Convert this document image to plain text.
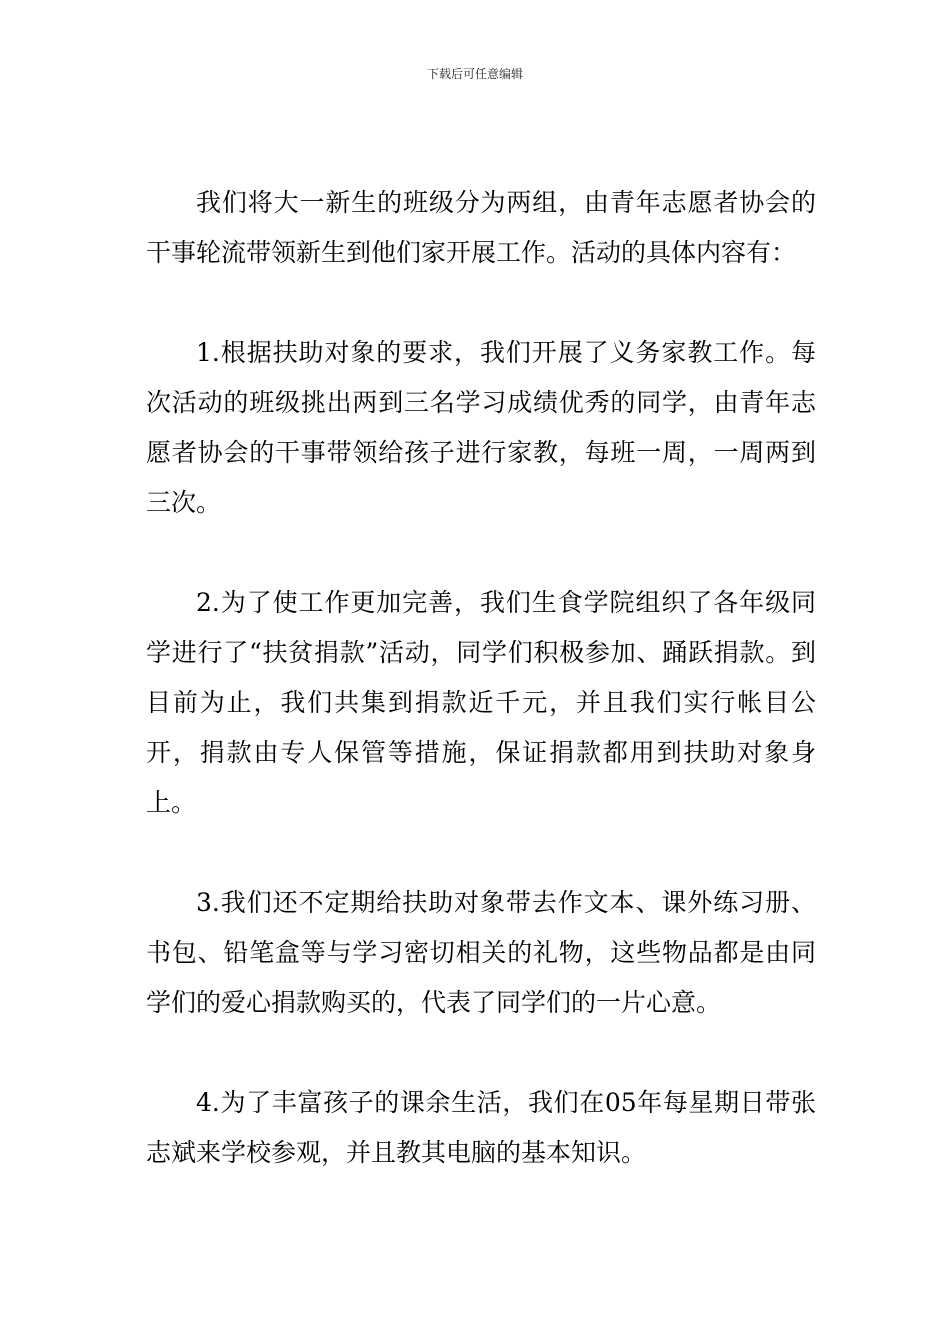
下载后可任意编辑

我们将大一新生的班级分为两组，由青年志愿者协会的干事轮流带领新生到他们家开展工作。活动的具体内容有：

1.根据扶助对象的要求，我们开展了义务家教工作。每次活动的班级挑出两到三名学习成绩优秀的同学，由青年志愿者协会的干事带领给孩子进行家教，每班一周，一周两到三次。

2.为了使工作更加完善，我们生食学院组织了各年级同学进行了“扶贫捐款”活动，同学们积极参加、踊跃捐款。到目前为止，我们共集到捐款近千元，并且我们实行帐目公开，捐款由专人保管等措施，保证捐款都用到扶助对象身上。

3.我们还不定期给扶助对象带去作文本、课外练习册、书包、铅笔盒等与学习密切相关的礼物，这些物品都是由同学们的爱心捐款购买的，代表了同学们的一片心意。

4.为了丰富孩子的课余生活，我们在05年每星期日带张志斌来学校参观，并且教其电脑的基本知识。
